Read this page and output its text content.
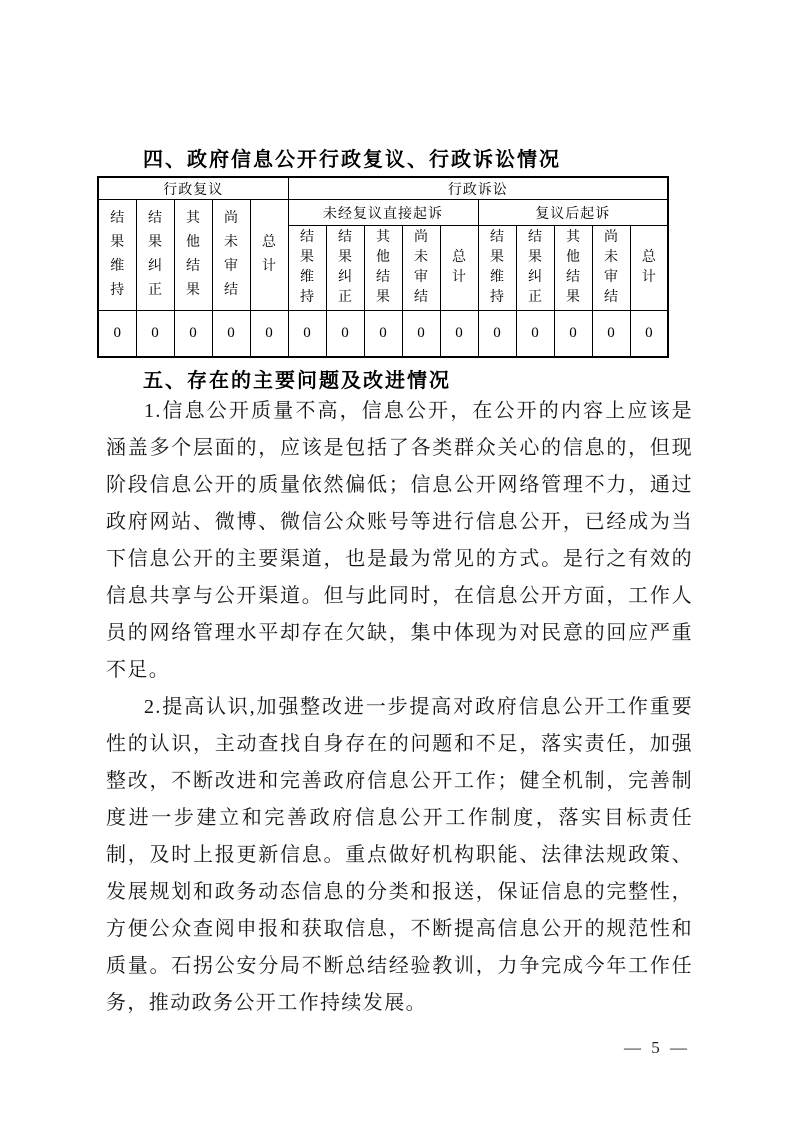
四、政府信息公开行政复议、行政诉讼情况
行政复议					行政诉讼									

结果维持	结果纠正	其他结果	尚未审结	总计	未经复议直接起诉					复议后起诉				

					结果维持	结果纠正	其他结果	尚未审结	总计	结果维持	结果纠正	其他结果	尚未审结	总计

0	0	0	0	0	0	0	0	0	0	0	0	0	0	0
五、存在的主要问题及改进情况

1.信息公开质量不高，信息公开，在公开的内容上应该是涵盖多个层面的，应该是包括了各类群众关心的信息的，但现阶段信息公开的质量依然偏低；信息公开网络管理不力，通过政府网站、微博、微信公众账号等进行信息公开，已经成为当下信息公开的主要渠道，也是最为常见的方式。是行之有效的信息共享与公开渠道。但与此同时，在信息公开方面，工作人员的网络管理水平却存在欠缺，集中体现为对民意的回应严重不足。

2.提高认识,加强整改进一步提高对政府信息公开工作重要性的认识，主动查找自身存在的问题和不足，落实责任，加强整改，不断改进和完善政府信息公开工作；健全机制，完善制度进一步建立和完善政府信息公开工作制度，落实目标责任制，及时上报更新信息。重点做好机构职能、法律法规政策、发展规划和政务动态信息的分类和报送，保证信息的完整性，方便公众查阅申报和获取信息，不断提高信息公开的规范性和质量。石拐公安分局不断总结经验教训，力争完成今年工作任务，推动政务公开工作持续发展。

— 5 —
